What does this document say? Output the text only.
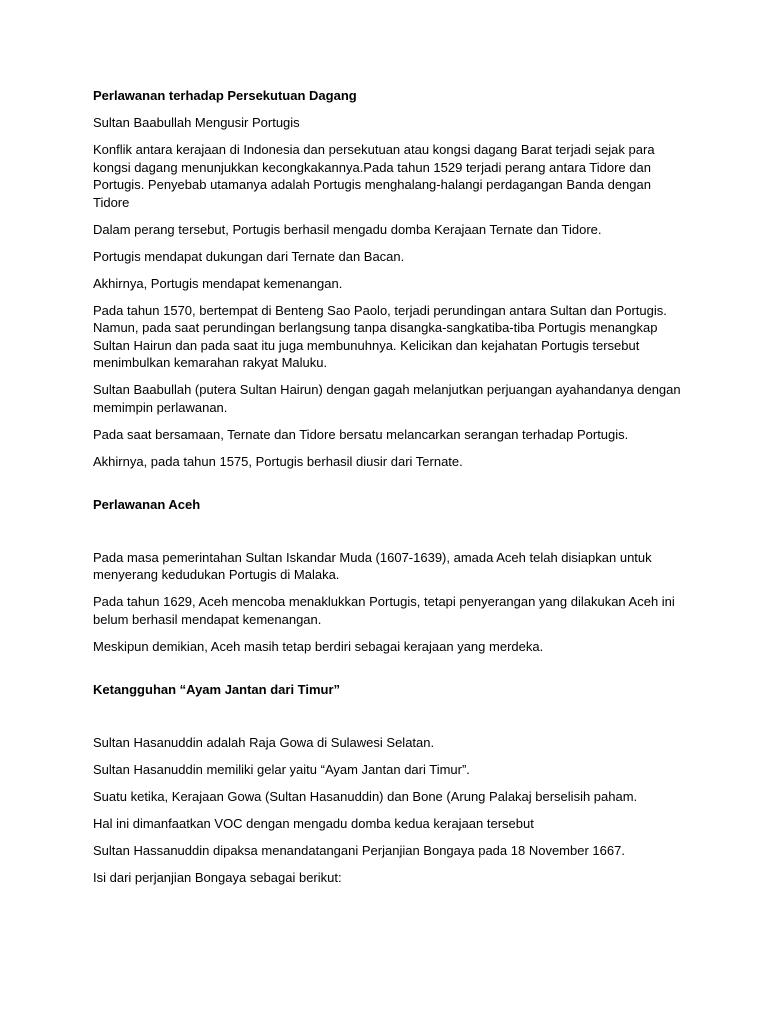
Perlawanan terhadap Persekutuan Dagang

Sultan Baabullah Mengusir Portugis

Konflik antara kerajaan di Indonesia dan persekutuan atau kongsi dagang Barat terjadi sejak para kongsi dagang menunjukkan kecongkakannya.Pada tahun 1529 terjadi perang antara Tidore dan Portugis. Penyebab utamanya adalah Portugis menghalang-halangi perdagangan Banda dengan Tidore

Dalam perang tersebut, Portugis berhasil mengadu domba Kerajaan Ternate dan Tidore.

Portugis mendapat dukungan dari Ternate dan Bacan.

Akhirnya, Portugis mendapat kemenangan.

Pada tahun 1570, bertempat di Benteng Sao Paolo, terjadi perundingan antara Sultan dan Portugis. Namun, pada saat perundingan berlangsung tanpa disangka-sangkatiba-tiba Portugis menangkap Sultan Hairun dan pada saat itu juga membunuhnya. Kelicikan dan kejahatan Portugis tersebut menimbulkan kemarahan rakyat Maluku.

Sultan Baabullah (putera Sultan Hairun) dengan gagah melanjutkan perjuangan ayahandanya dengan memimpin perlawanan.

Pada saat bersamaan, Ternate dan Tidore bersatu melancarkan serangan terhadap Portugis.

Akhirnya, pada tahun 1575, Portugis berhasil diusir dari Ternate.

Perlawanan Aceh

Pada masa pemerintahan Sultan Iskandar Muda (1607-1639), amada Aceh telah disiapkan untuk menyerang kedudukan Portugis di Malaka.

Pada tahun 1629, Aceh mencoba menaklukkan Portugis, tetapi penyerangan yang dilakukan Aceh ini belum berhasil mendapat kemenangan.

Meskipun demikian, Aceh masih tetap berdiri sebagai kerajaan yang merdeka.

Ketangguhan “Ayam Jantan dari Timur”

Sultan Hasanuddin adalah Raja Gowa di Sulawesi Selatan.

Sultan Hasanuddin memiliki gelar yaitu “Ayam Jantan dari Timur”.

Suatu ketika, Kerajaan Gowa (Sultan Hasanuddin) dan Bone (Arung Palakaj berselisih paham.

Hal ini dimanfaatkan VOC dengan mengadu domba kedua kerajaan tersebut

Sultan Hassanuddin dipaksa menandatangani Perjanjian Bongaya pada 18 November 1667.

Isi dari perjanjian Bongaya sebagai berikut:
